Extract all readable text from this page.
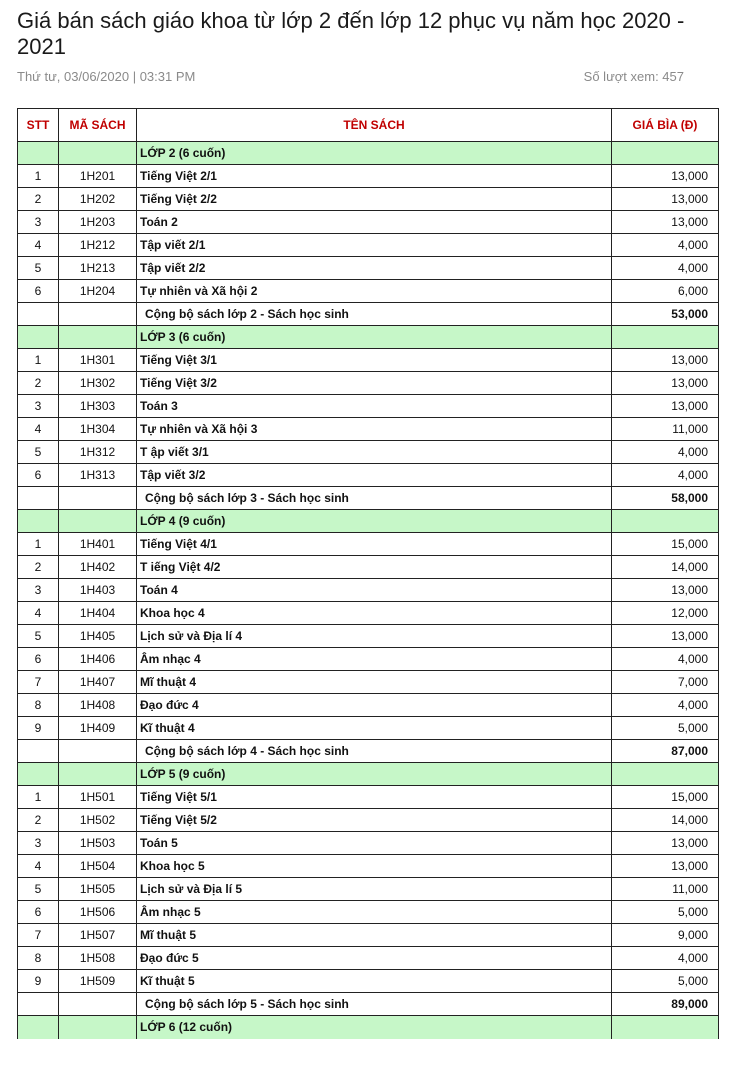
Giá bán sách giáo khoa từ lớp 2 đến lớp 12 phục vụ năm học 2020 - 2021
Thứ tư, 03/06/2020 | 03:31 PM	Số lượt xem: 457
STT	MÃ SÁCH	TÊN SÁCH	GIÁ BÌA (Đ)
		LỚP 2 (6 cuốn)	
1	1H201	Tiếng Việt 2/1	13,000
2	1H202	Tiếng Việt 2/2	13,000
3	1H203	Toán 2	13,000
4	1H212	Tập viết 2/1	4,000
5	1H213	Tập viết 2/2	4,000
6	1H204	Tự nhiên và Xã hội 2	6,000
		Cộng bộ sách lớp 2 - Sách học sinh	53,000
		LỚP 3 (6 cuốn)	
1	1H301	Tiếng Việt 3/1	13,000
2	1H302	Tiếng Việt 3/2	13,000
3	1H303	Toán 3	13,000
4	1H304	Tự nhiên và Xã hội 3	11,000
5	1H312	T ập viết 3/1	4,000
6	1H313	Tập viết 3/2	4,000
		Cộng bộ sách lớp 3 - Sách học sinh	58,000
		LỚP 4 (9 cuốn)	
1	1H401	Tiếng Việt 4/1	15,000
2	1H402	T iếng Việt 4/2	14,000
3	1H403	Toán 4	13,000
4	1H404	Khoa học 4	12,000
5	1H405	Lịch sử và Địa lí 4	13,000
6	1H406	Âm nhạc 4	4,000
7	1H407	Mĩ thuật 4	7,000
8	1H408	Đạo đức 4	4,000
9	1H409	Kĩ thuật 4	5,000
		Cộng bộ sách lớp 4 - Sách học sinh	87,000
		LỚP 5 (9 cuốn)	
1	1H501	Tiếng Việt 5/1	15,000
2	1H502	Tiếng Việt 5/2	14,000
3	1H503	Toán 5	13,000
4	1H504	Khoa học 5	13,000
5	1H505	Lịch sử và Địa lí 5	11,000
6	1H506	Âm nhạc 5	5,000
7	1H507	Mĩ thuật 5	9,000
8	1H508	Đạo đức 5	4,000
9	1H509	Kĩ thuật 5	5,000
		Cộng bộ sách lớp 5 - Sách học sinh	89,000
		LỚP 6 (12 cuốn)	
